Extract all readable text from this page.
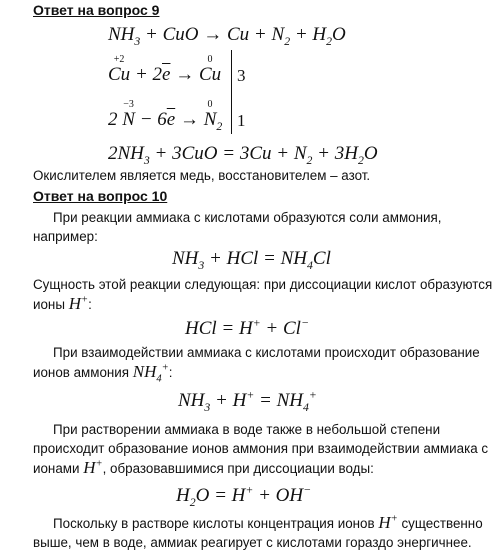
Ответ на вопрос 9
$NH_3$ + CuO → $Cu + N_2 + H_2O$
+2
$Cu + 2\overline{e}$ →
0
Cu 3
2
−3
$N - 6\overline{e}$ →
0
$N_2$ 1
$2NH_3 + 3CuO = 3Cu + N_2 + 3H_2O$
Окислителем является медь, восстановителем – азот.
Ответ на вопрос 10
При реакции аммиака с кислотами образуются соли аммония, например:
$NH_3$ + HCl = $NH_4Cl$
Сущность этой реакции следующая: при диссоциации кислот образуются ионы H+:
HCl = H+ + Cl−
При взаимодействии аммиака с кислотами происходит образование ионов аммония $NH_4^+$:
$NH_3 + H^+ = NH_4^+$
При растворении аммиака в воде также в небольшой степени происходит образование ионов аммония при взаимодействии аммиака с ионами H+, образовавшимися при диссоциации воды:
$H_2O = H^+ + OH^-$
Поскольку в растворе кислоты концентрация ионов H+ существенно выше, чем в воде, аммиак реагирует с кислотами гораздо энергичнее.
